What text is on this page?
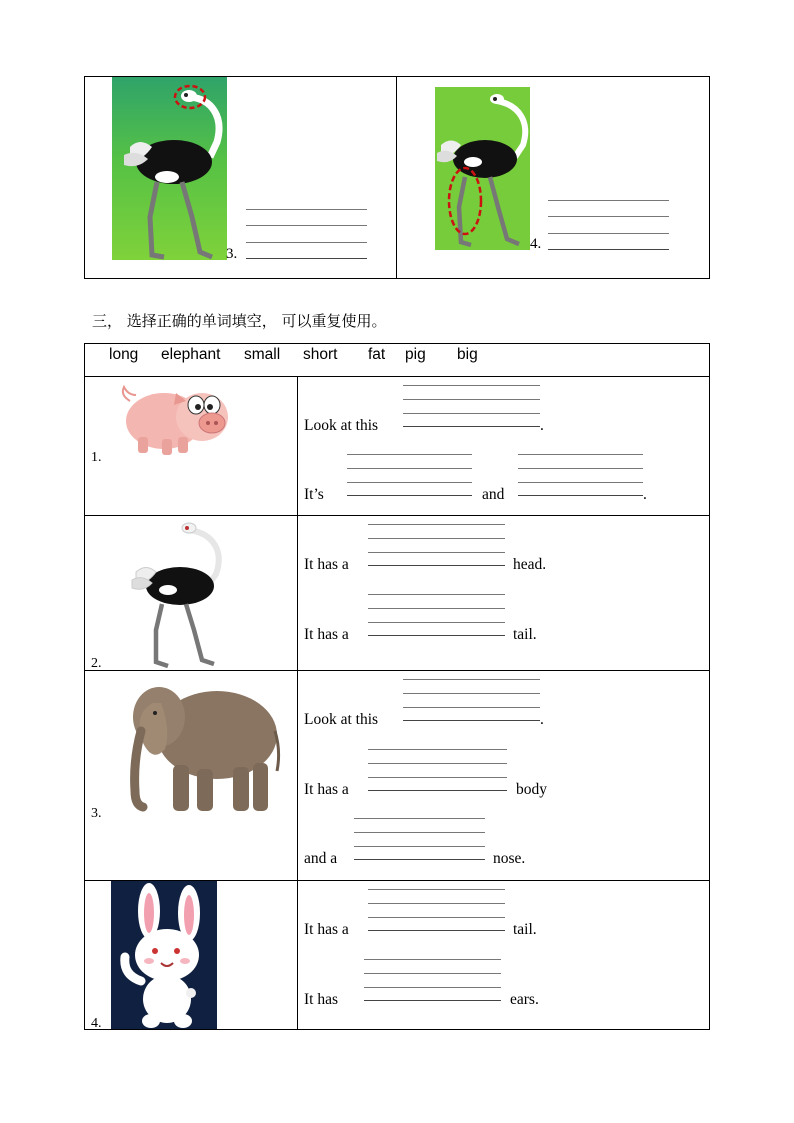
3.
4.
三， 选择正确的单词填空， 可以重复使用。
long elephant small short fat pig big
1.
Look at this	.
It’s	and	.
2.
It has a	head.
It has a	tail.
3.
Look at this	.
It has a	body
and a	nose.
4.
It has a	tail.
It has	ears.
